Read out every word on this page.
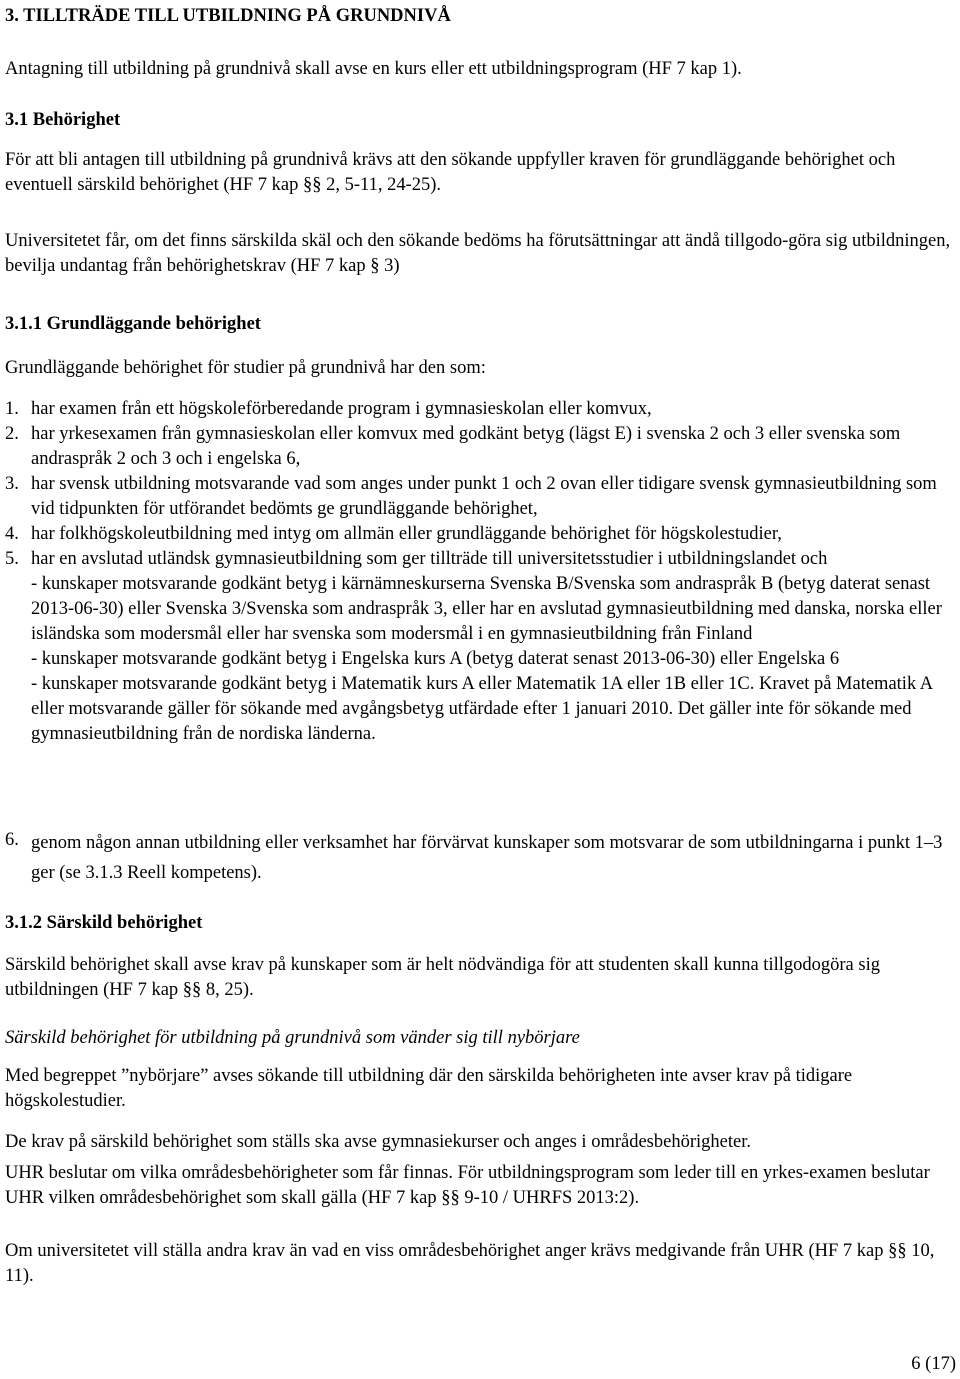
3. TILLTRÄDE TILL UTBILDNING PÅ GRUNDNIVÅ
Antagning till utbildning på grundnivå skall avse en kurs eller ett utbildningsprogram (HF 7 kap 1).
3.1 Behörighet
För att bli antagen till utbildning på grundnivå krävs att den sökande uppfyller kraven för grundläggande behörighet och eventuell särskild behörighet (HF 7 kap §§ 2, 5-11, 24-25).
Universitetet får, om det finns särskilda skäl och den sökande bedöms ha förutsättningar att ändå tillgodo-göra sig utbildningen, bevilja undantag från behörighetskrav (HF 7 kap § 3)
3.1.1 Grundläggande behörighet
Grundläggande behörighet för studier på grundnivå har den som:
1. har examen från ett högskoleförberedande program i gymnasieskolan eller komvux,
2. har yrkesexamen från gymnasieskolan eller komvux med godkänt betyg (lägst E) i svenska 2 och 3 eller svenska som andraspråk 2 och 3 och i engelska 6,
3. har svensk utbildning motsvarande vad som anges under punkt 1 och 2 ovan eller tidigare svensk gymnasieutbildning som vid tidpunkten för utförandet bedömts ge grundläggande behörighet,
4. har folkhögskoleutbildning med intyg om allmän eller grundläggande behörighet för högskolestudier,
5. har en avslutad utländsk gymnasieutbildning som ger tillträde till universitetsstudier i utbildningslandet och

- kunskaper motsvarande godkänt betyg i kärnämneskurserna Svenska B/Svenska som andraspråk B (betyg daterat senast 2013-06-30) eller Svenska 3/Svenska som andraspråk 3, eller har en avslutad gymnasieutbildning med danska, norska eller isländska som modersmål eller har svenska som modersmål i en gymnasieutbildning från Finland

- kunskaper motsvarande godkänt betyg i Engelska kurs A (betyg daterat senast 2013-06-30) eller Engelska 6

- kunskaper motsvarande godkänt betyg i Matematik kurs A eller Matematik 1A eller 1B eller 1C. Kravet på Matematik A eller motsvarande gäller för sökande med avgångsbetyg utfärdade efter 1 januari 2010. Det gäller inte för sökande med gymnasieutbildning från de nordiska länderna.

6. genom någon annan utbildning eller verksamhet har förvärvat kunskaper som motsvarar de som utbildningarna i punkt 1–3 ger (se 3.1.3 Reell kompetens).
3.1.2 Särskild behörighet
Särskild behörighet skall avse krav på kunskaper som är helt nödvändiga för att studenten skall kunna tillgodogöra sig utbildningen (HF 7 kap §§ 8, 25).
Särskild behörighet för utbildning på grundnivå som vänder sig till nybörjare
Med begreppet ”nybörjare” avses sökande till utbildning där den särskilda behörigheten inte avser krav på tidigare högskolestudier.
De krav på särskild behörighet som ställs ska avse gymnasiekurser och anges i områdesbehörigheter.
UHR beslutar om vilka områdesbehörigheter som får finnas. För utbildningsprogram som leder till en yrkes-examen beslutar UHR vilken områdesbehörighet som skall gälla (HF 7 kap §§ 9-10 / UHRFS 2013:2).
Om universitetet vill ställa andra krav än vad en viss områdesbehörighet anger krävs medgivande från UHR (HF 7 kap §§ 10, 11).
6 (17)
